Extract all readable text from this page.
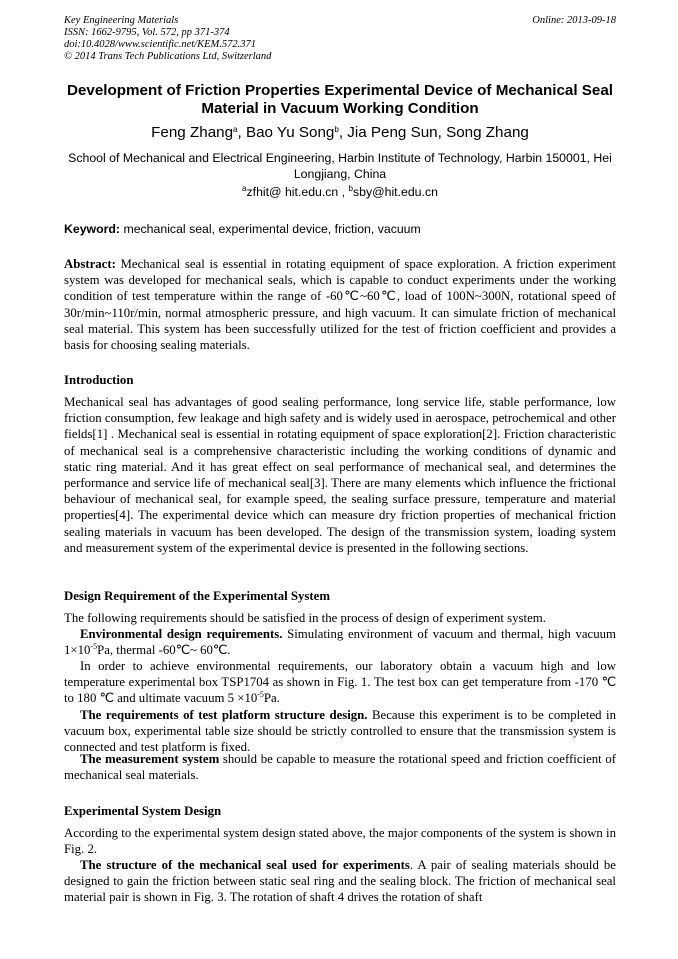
Key Engineering Materials
ISSN: 1662-9795, Vol. 572, pp 371-374
doi:10.4028/www.scientific.net/KEM.572.371
© 2014 Trans Tech Publications Ltd, Switzerland
Online: 2013-09-18
Development of Friction Properties Experimental Device of Mechanical Seal Material in Vacuum Working Condition
Feng Zhang$^a$, Bao Yu Song$^b$, Jia Peng Sun, Song Zhang
School of Mechanical and Electrical Engineering, Harbin Institute of Technology, Harbin 150001, Hei Longjiang, China
$^a$zfhit@ hit.edu.cn , $^b$sby@hit.edu.cn
Keyword: mechanical seal, experimental device, friction, vacuum

Abstract: Mechanical seal is essential in rotating equipment of space exploration. A friction experiment system was developed for mechanical seals, which is capable to conduct experiments under the working condition of test temperature within the range of -60℃~60℃, load of 100N~300N, rotational speed of 30r/min~110r/min, normal atmospheric pressure, and high vacuum. It can simulate friction of mechanical seal material. This system has been successfully utilized for the test of friction coefficient and provides a basis for choosing sealing materials.

Introduction

Mechanical seal has advantages of good sealing performance, long service life, stable performance, low friction consumption, few leakage and high safety and is widely used in aerospace, petrochemical and other fields[1] . Mechanical seal is essential in rotating equipment of space exploration[2]. Friction characteristic of mechanical seal is a comprehensive characteristic including the working conditions of dynamic and static ring material. And it has great effect on seal performance of mechanical seal, and determines the performance and service life of mechanical seal[3]. There are many elements which influence the frictional behaviour of mechanical seal, for example speed, the sealing surface pressure, temperature and material properties[4]. The experimental device which can measure dry friction properties of mechanical friction sealing materials in vacuum has been developed. The design of the transmission system, loading system and measurement system of the experimental device is presented in the following sections.

Design Requirement of the Experimental System

The following requirements should be satisfied in the process of design of experiment system.

Environmental design requirements. Simulating environment of vacuum and thermal, high vacuum $1\times 10^{-5}Pa$, thermal -60℃~ 60℃.

In order to achieve environmental requirements, our laboratory obtain a vacuum high and low temperature experimental box TSP1704 as shown in Fig. 1. The test box can get temperature from -170 ℃ to 180 ℃ and ultimate vacuum $5 \times 10^{-5}Pa$.

The requirements of test platform structure design. Because this experiment is to be completed in vacuum box, experimental table size should be strictly controlled to ensure that the transmission system is connected and test platform is fixed.

The measurement system should be capable to measure the rotational speed and friction coefficient of mechanical seal materials.

Experimental System Design

According to the experimental system design stated above, the major components of the system is shown in Fig. 2.

The structure of the mechanical seal used for experiments. A pair of sealing materials should be designed to gain the friction between static seal ring and the sealing block. The friction of mechanical seal material pair is shown in Fig. 3. The rotation of shaft 4 drives the rotation of shaft
